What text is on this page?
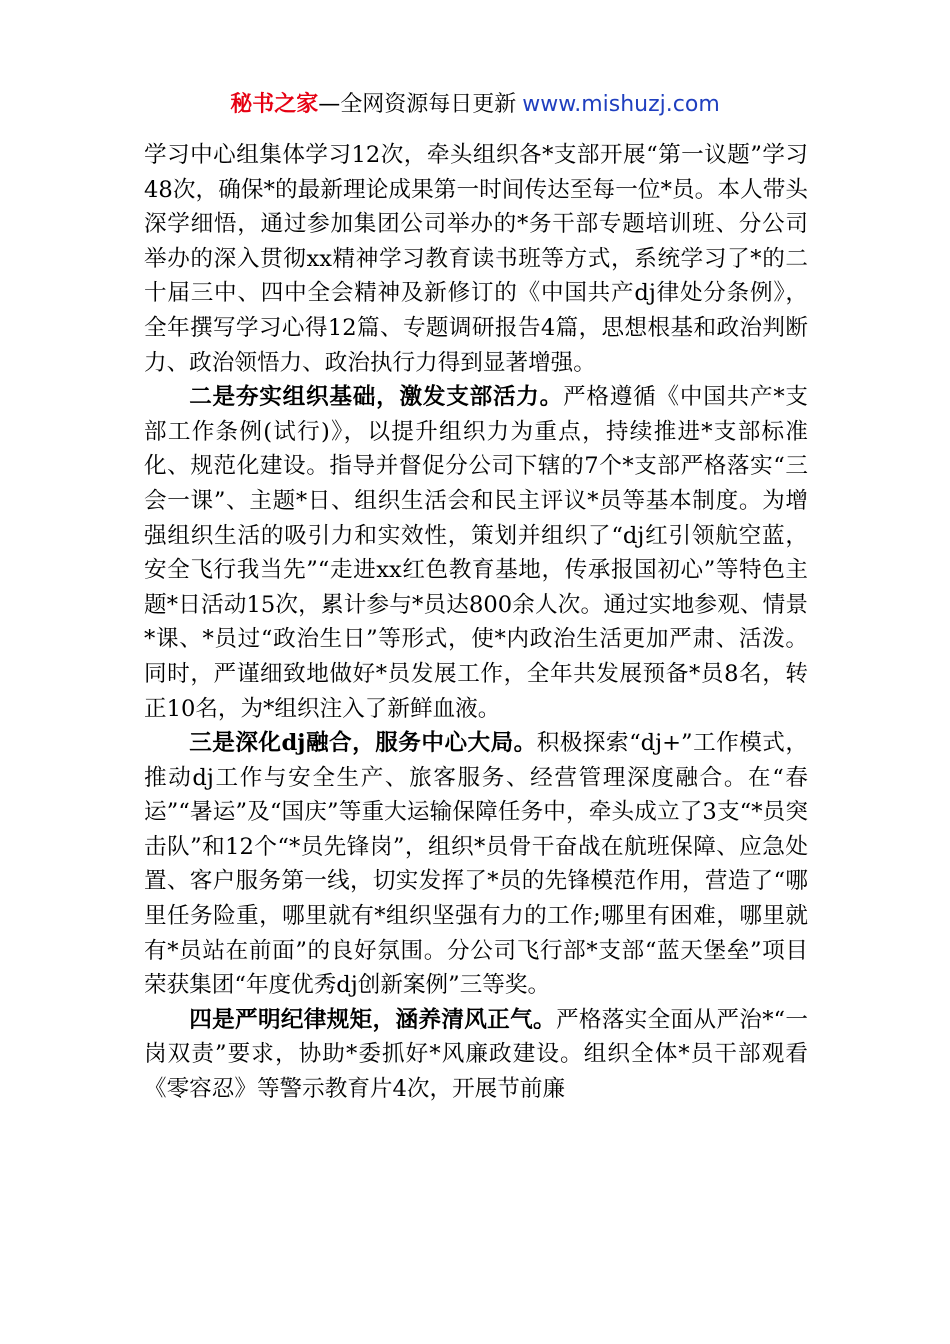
秘书之家—全网资源每日更新 www.mishuzj.com

学习中心组集体学习12次，牵头组织各*支部开展“第一议题”学习48次，确保*的最新理论成果第一时间传达至每一位*员。本人带头深学细悟，通过参加集团公司举办的*务干部专题培训班、分公司举办的深入贯彻xx精神学习教育读书班等方式，系统学习了*的二十届三中、四中全会精神及新修订的《中国共产dj律处分条例》，全年撰写学习心得12篇、专题调研报告4篇，思想根基和政治判断力、政治领悟力、政治执行力得到显著增强。

二是夯实组织基础，激发支部活力。严格遵循《中国共产*支部工作条例(试行)》，以提升组织力为重点，持续推进*支部标准化、规范化建设。指导并督促分公司下辖的7个*支部严格落实“三会一课”、主题*日、组织生活会和民主评议*员等基本制度。为增强组织生活的吸引力和实效性，策划并组织了“dj红引领航空蓝，安全飞行我当先”“走进xx红色教育基地，传承报国初心”等特色主题*日活动15次，累计参与*员达800余人次。通过实地参观、情景*课、*员过“政治生日”等形式，使*内政治生活更加严肃、活泼。同时，严谨细致地做好*员发展工作，全年共发展预备*员8名，转正10名，为*组织注入了新鲜血液。

三是深化dj融合，服务中心大局。积极探索“dj+”工作模式，推动dj工作与安全生产、旅客服务、经营管理深度融合。在“春运”“暑运”及“国庆”等重大运输保障任务中，牵头成立了3支“*员突击队”和12个“*员先锋岗”，组织*员骨干奋战在航班保障、应急处置、客户服务第一线，切实发挥了*员的先锋模范作用，营造了“哪里任务险重，哪里就有*组织坚强有力的工作;哪里有困难，哪里就有*员站在前面”的良好氛围。分公司飞行部*支部“蓝天堡垒”项目荣获集团“年度优秀dj创新案例”三等奖。

四是严明纪律规矩，涵养清风正气。严格落实全面从严治*“一岗双责”要求，协助*委抓好*风廉政建设。组织全体*员干部观看《零容忍》等警示教育片4次，开展节前廉
